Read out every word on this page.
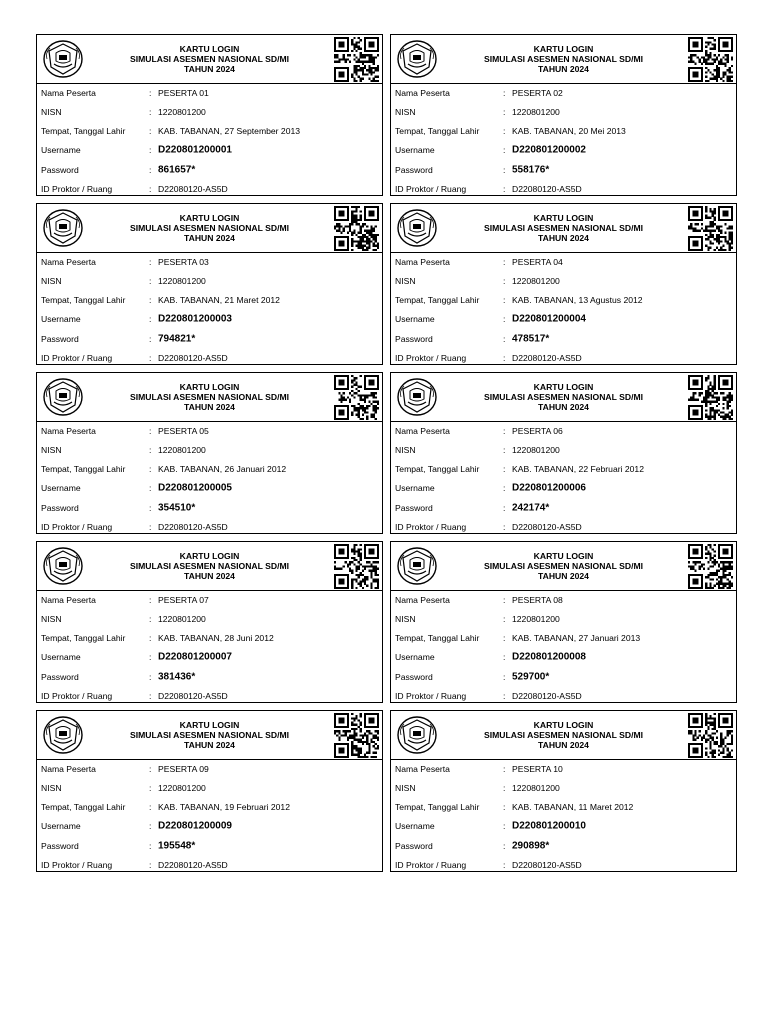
KARTU LOGIN
SIMULASI ASESMEN NASIONAL SD/MI
TAHUN 2024
Nama Peserta	: PESERTA 01
NISN	: 1220801200
Tempat, Tanggal Lahir	: KAB. TABANAN, 27 September 2013
Username	: D220801200001
Password	: 861657*
ID Proktor / Ruang	: D22080120-AS5D
KARTU LOGIN
SIMULASI ASESMEN NASIONAL SD/MI
TAHUN 2024
Nama Peserta	: PESERTA 02
NISN	: 1220801200
Tempat, Tanggal Lahir	: KAB. TABANAN, 20 Mei 2013
Username	: D220801200002
Password	: 558176*
ID Proktor / Ruang	: D22080120-AS5D
KARTU LOGIN
SIMULASI ASESMEN NASIONAL SD/MI
TAHUN 2024
Nama Peserta	: PESERTA 03
NISN	: 1220801200
Tempat, Tanggal Lahir	: KAB. TABANAN, 21 Maret 2012
Username	: D220801200003
Password	: 794821*
ID Proktor / Ruang	: D22080120-AS5D
KARTU LOGIN
SIMULASI ASESMEN NASIONAL SD/MI
TAHUN 2024
Nama Peserta	: PESERTA 04
NISN	: 1220801200
Tempat, Tanggal Lahir	: KAB. TABANAN, 13 Agustus 2012
Username	: D220801200004
Password	: 478517*
ID Proktor / Ruang	: D22080120-AS5D
KARTU LOGIN
SIMULASI ASESMEN NASIONAL SD/MI
TAHUN 2024
Nama Peserta	: PESERTA 05
NISN	: 1220801200
Tempat, Tanggal Lahir	: KAB. TABANAN, 26 Januari 2012
Username	: D220801200005
Password	: 354510*
ID Proktor / Ruang	: D22080120-AS5D
KARTU LOGIN
SIMULASI ASESMEN NASIONAL SD/MI
TAHUN 2024
Nama Peserta	: PESERTA 06
NISN	: 1220801200
Tempat, Tanggal Lahir	: KAB. TABANAN, 22 Februari 2012
Username	: D220801200006
Password	: 242174*
ID Proktor / Ruang	: D22080120-AS5D
KARTU LOGIN
SIMULASI ASESMEN NASIONAL SD/MI
TAHUN 2024
Nama Peserta	: PESERTA 07
NISN	: 1220801200
Tempat, Tanggal Lahir	: KAB. TABANAN, 28 Juni 2012
Username	: D220801200007
Password	: 381436*
ID Proktor / Ruang	: D22080120-AS5D
KARTU LOGIN
SIMULASI ASESMEN NASIONAL SD/MI
TAHUN 2024
Nama Peserta	: PESERTA 08
NISN	: 1220801200
Tempat, Tanggal Lahir	: KAB. TABANAN, 27 Januari 2013
Username	: D220801200008
Password	: 529700*
ID Proktor / Ruang	: D22080120-AS5D
KARTU LOGIN
SIMULASI ASESMEN NASIONAL SD/MI
TAHUN 2024
Nama Peserta	: PESERTA 09
NISN	: 1220801200
Tempat, Tanggal Lahir	: KAB. TABANAN, 19 Februari 2012
Username	: D220801200009
Password	: 195548*
ID Proktor / Ruang	: D22080120-AS5D
KARTU LOGIN
SIMULASI ASESMEN NASIONAL SD/MI
TAHUN 2024
Nama Peserta	: PESERTA 10
NISN	: 1220801200
Tempat, Tanggal Lahir	: KAB. TABANAN, 11 Maret 2012
Username	: D220801200010
Password	: 290898*
ID Proktor / Ruang	: D22080120-AS5D
